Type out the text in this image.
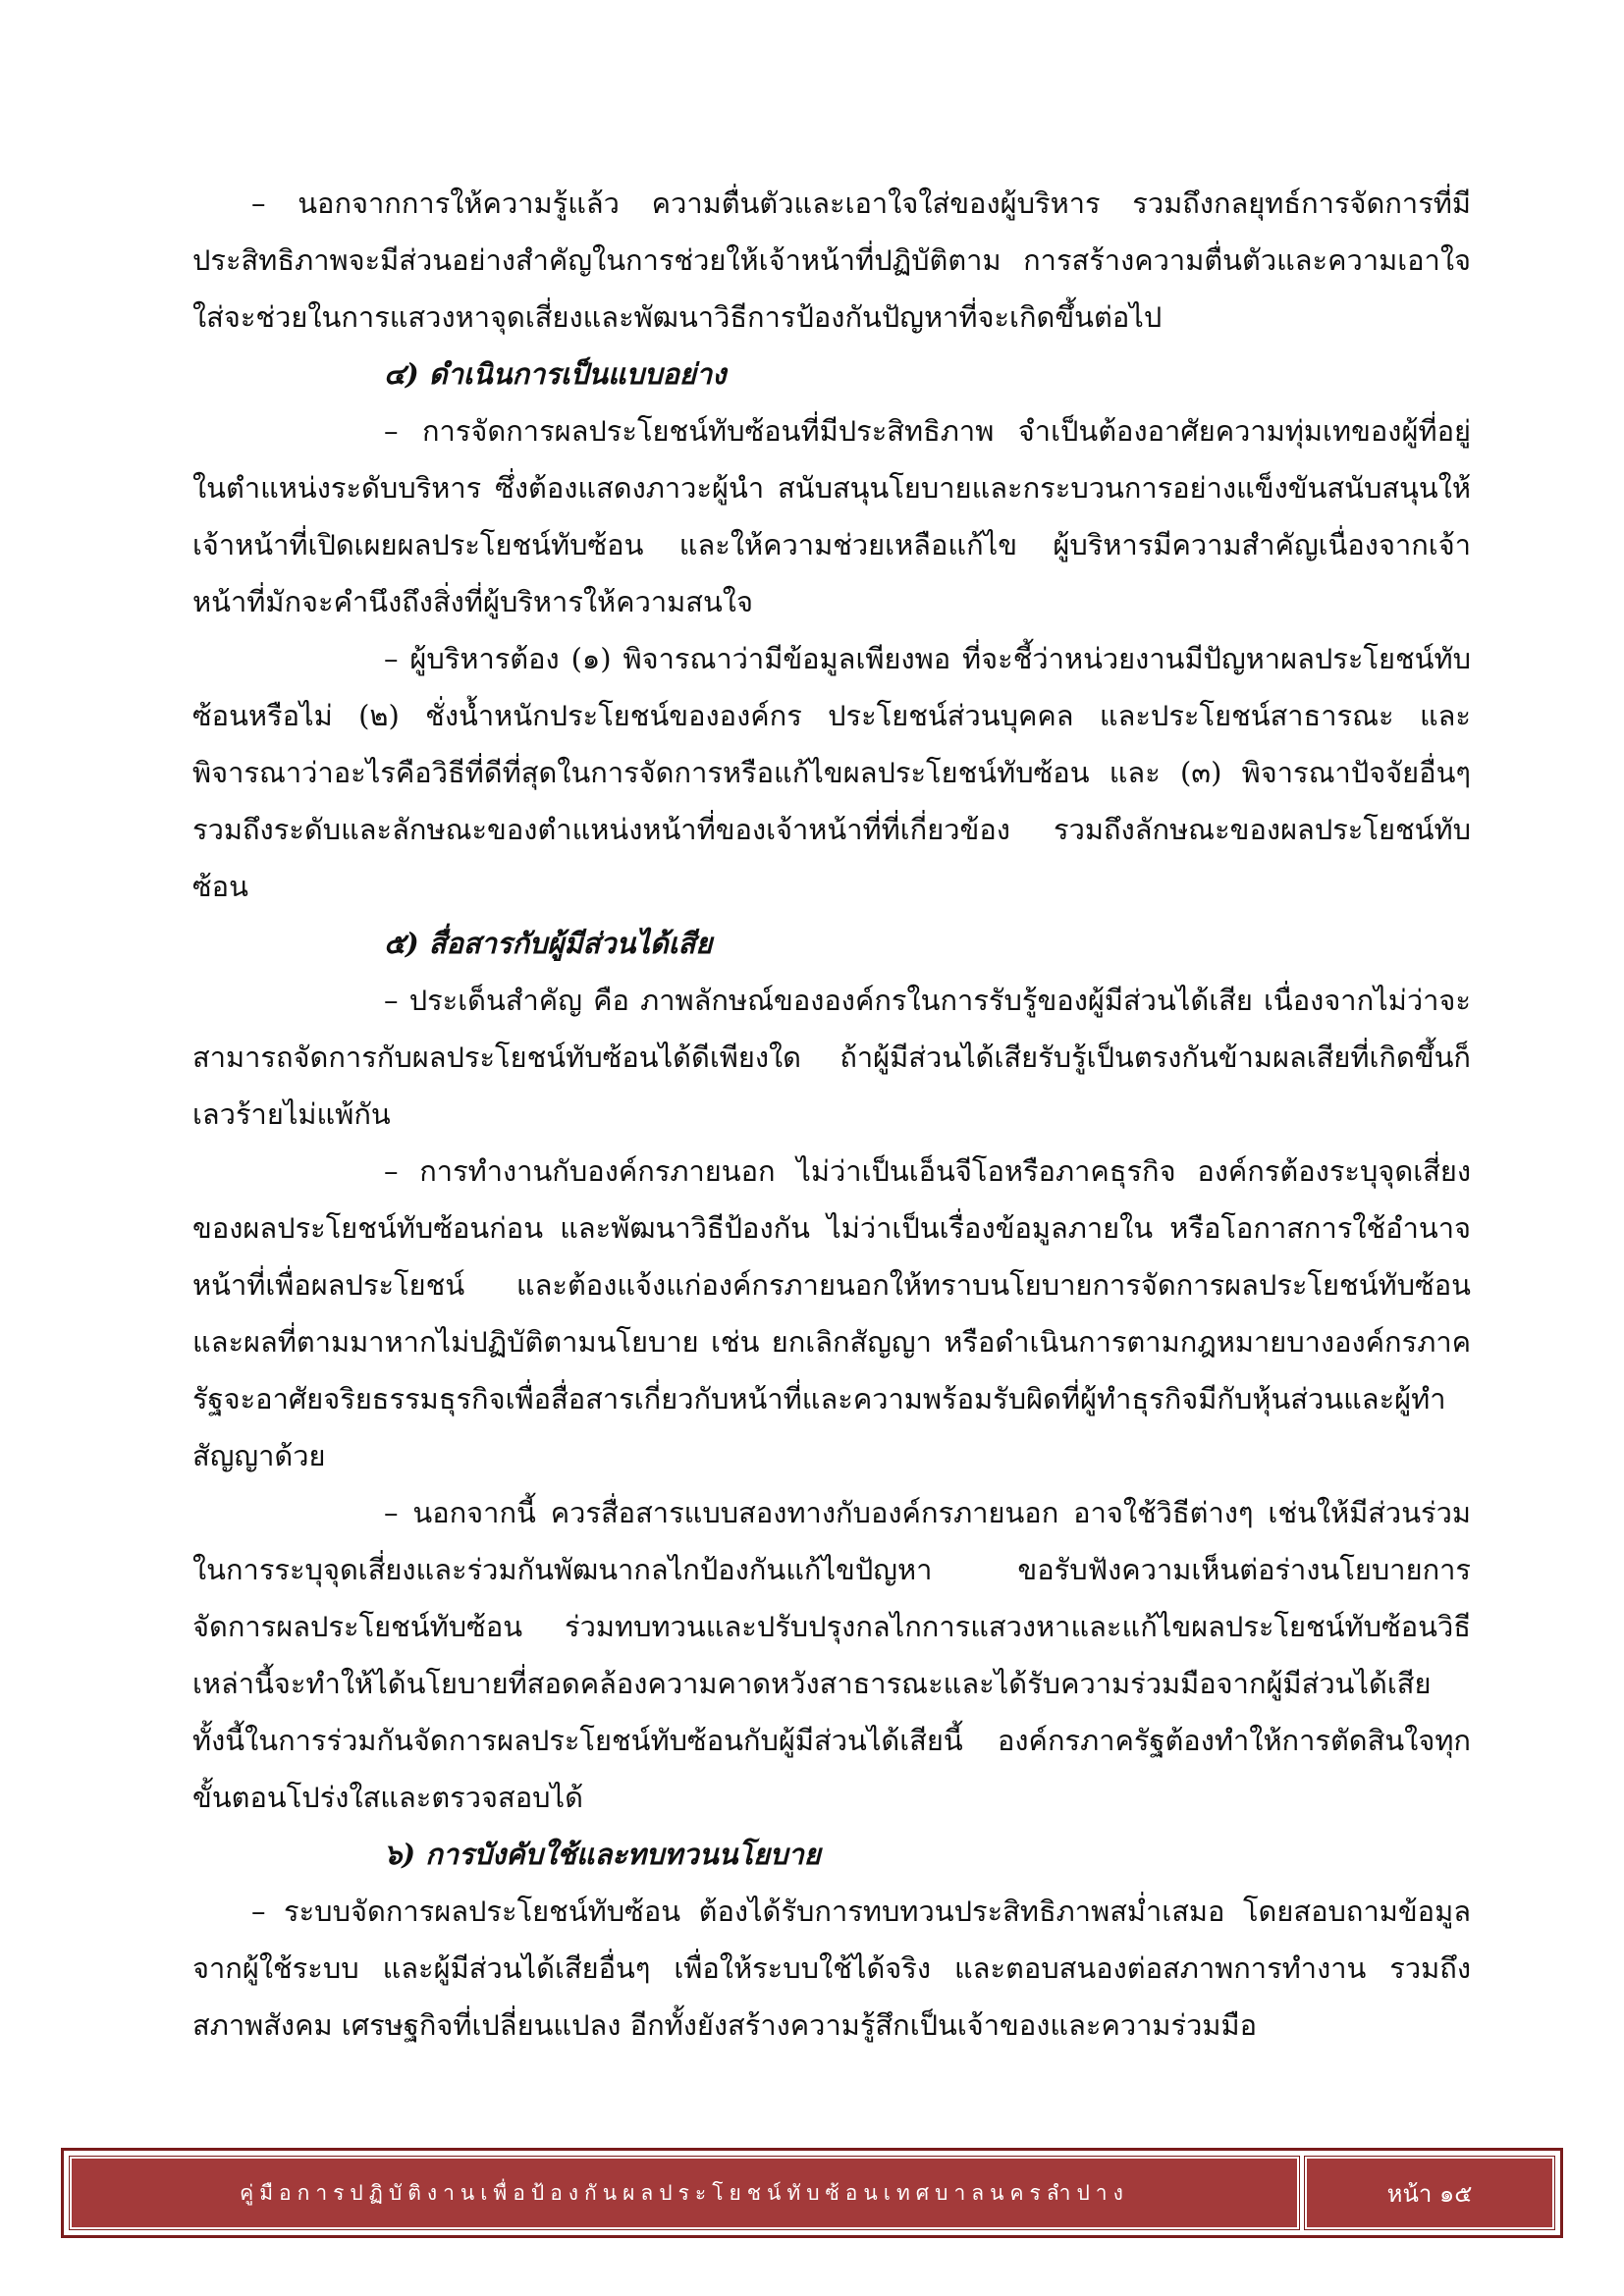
– นอกจากการให้ความรู้แล้ว ความตื่นตัวและเอาใจใส่ของผู้บริหาร รวมถึงกลยุทธ์การจัดการที่มีประสิทธิภาพจะมีส่วนอย่างสำคัญในการช่วยให้เจ้าหน้าที่ปฏิบัติตาม การสร้างความตื่นตัวและความเอาใจใส่จะช่วยในการแสวงหาจุดเสี่ยงและพัฒนาวิธีการป้องกันปัญหาที่จะเกิดขึ้นต่อไป

๔) ดำเนินการเป็นแบบอย่าง

– การจัดการผลประโยชน์ทับซ้อนที่มีประสิทธิภาพ จำเป็นต้องอาศัยความทุ่มเทของผู้ที่อยู่ในตำแหน่งระดับบริหาร ซึ่งต้องแสดงภาวะผู้นำ สนับสนุนโยบายและกระบวนการอย่างแข็งขันสนับสนุนให้เจ้าหน้าที่เปิดเผยผลประโยชน์ทับซ้อน และให้ความช่วยเหลือแก้ไข ผู้บริหารมีความสำคัญเนื่องจากเจ้าหน้าที่มักจะคำนึงถึงสิ่งที่ผู้บริหารให้ความสนใจ

– ผู้บริหารต้อง (๑) พิจารณาว่ามีข้อมูลเพียงพอ ที่จะชี้ว่าหน่วยงานมีปัญหาผลประโยชน์ทับซ้อนหรือไม่ (๒) ชั่งน้ำหนักประโยชน์ขององค์กร ประโยชน์ส่วนบุคคล และประโยชน์สาธารณะ และพิจารณาว่าอะไรคือวิธีที่ดีที่สุดในการจัดการหรือแก้ไขผลประโยชน์ทับซ้อน และ (๓) พิจารณาปัจจัยอื่นๆ รวมถึงระดับและลักษณะของตำแหน่งหน้าที่ของเจ้าหน้าที่ที่เกี่ยวข้อง รวมถึงลักษณะของผลประโยชน์ทับซ้อน

๕) สื่อสารกับผู้มีส่วนได้เสีย

– ประเด็นสำคัญ คือ ภาพลักษณ์ขององค์กรในการรับรู้ของผู้มีส่วนได้เสีย เนื่องจากไม่ว่าจะสามารถจัดการกับผลประโยชน์ทับซ้อนได้ดีเพียงใด ถ้าผู้มีส่วนได้เสียรับรู้เป็นตรงกันข้ามผลเสียที่เกิดขึ้นก็เลวร้ายไม่แพ้กัน

– การทำงานกับองค์กรภายนอก ไม่ว่าเป็นเอ็นจีโอหรือภาคธุรกิจ องค์กรต้องระบุจุดเสี่ยงของผลประโยชน์ทับซ้อนก่อน และพัฒนาวิธีป้องกัน ไม่ว่าเป็นเรื่องข้อมูลภายใน หรือโอกาสการใช้อำนาจหน้าที่เพื่อผลประโยชน์ และต้องแจ้งแก่องค์กรภายนอกให้ทราบนโยบายการจัดการผลประโยชน์ทับซ้อนและผลที่ตามมาหากไม่ปฏิบัติตามนโยบาย เช่น ยกเลิกสัญญา หรือดำเนินการตามกฎหมายบางองค์กรภาครัฐจะอาศัยจริยธรรมธุรกิจเพื่อสื่อสารเกี่ยวกับหน้าที่และความพร้อมรับผิดที่ผู้ทำธุรกิจมีกับหุ้นส่วนและผู้ทำสัญญาด้วย

– นอกจากนี้ ควรสื่อสารแบบสองทางกับองค์กรภายนอก อาจใช้วิธีต่างๆ เช่นให้มีส่วนร่วมในการระบุจุดเสี่ยงและร่วมกันพัฒนากลไกป้องกันแก้ไขปัญหา ขอรับฟังความเห็นต่อร่างนโยบายการจัดการผลประโยชน์ทับซ้อน ร่วมทบทวนและปรับปรุงกลไกการแสวงหาและแก้ไขผลประโยชน์ทับซ้อนวิธีเหล่านี้จะทำให้ได้นโยบายที่สอดคล้องความคาดหวังสาธารณะและได้รับความร่วมมือจากผู้มีส่วนได้เสียทั้งนี้ในการร่วมกันจัดการผลประโยชน์ทับซ้อนกับผู้มีส่วนได้เสียนี้ องค์กรภาครัฐต้องทำให้การตัดสินใจทุกขั้นตอนโปร่งใสและตรวจสอบได้

๖) การบังคับใช้และทบทวนนโยบาย

– ระบบจัดการผลประโยชน์ทับซ้อน ต้องได้รับการทบทวนประสิทธิภาพสม่ำเสมอ โดยสอบถามข้อมูลจากผู้ใช้ระบบ และผู้มีส่วนได้เสียอื่นๆ เพื่อให้ระบบใช้ได้จริง และตอบสนองต่อสภาพการทำงาน รวมถึงสภาพสังคม เศรษฐกิจที่เปลี่ยนแปลง อีกทั้งยังสร้างความรู้สึกเป็นเจ้าของและความร่วมมือ

คู่มือการปฏิบัติงานเพื่อป้องกันผลประโยชน์ทับซ้อนเทศบาลนครลำปาง	หน้า ๑๕
